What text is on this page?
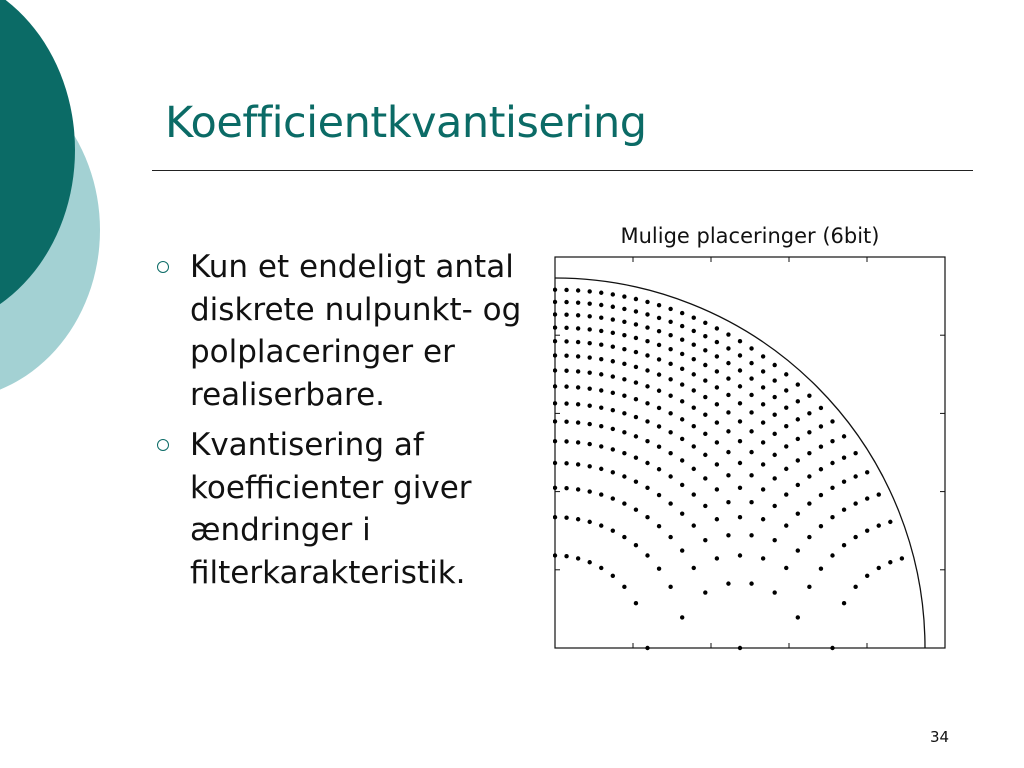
Koefficientkvantisering
Kun et endeligt antal diskrete nulpunkt- og polplaceringer er realiserbare.
Kvantisering af koefficienter giver ændringer i filterkarakteristik.
Mulige placeringer (6bit)
34
